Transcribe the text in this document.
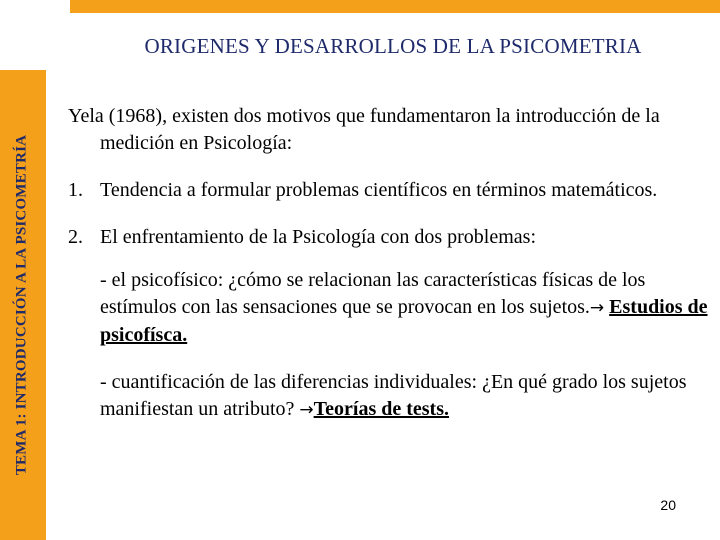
TEMA 1: INTRODUCCIÓN A LA PSICOMETRÍA
ORIGENES Y DESARROLLOS DE LA PSICOMETRIA

Yela (1968), existen dos motivos que fundamentaron la introducción de la medición en Psicología:

1. Tendencia a formular problemas científicos en términos matemáticos.
2. El enfrentamiento de la Psicología con dos problemas:
- el psicofísico: ¿cómo se relacionan las características físicas de los estímulos con las sensaciones que se provocan en los sujetos.→ Estudios de psicofísca.
- cuantificación de las diferencias individuales: ¿En qué grado los sujetos manifiestan un atributo? →Teorías de tests.
20
